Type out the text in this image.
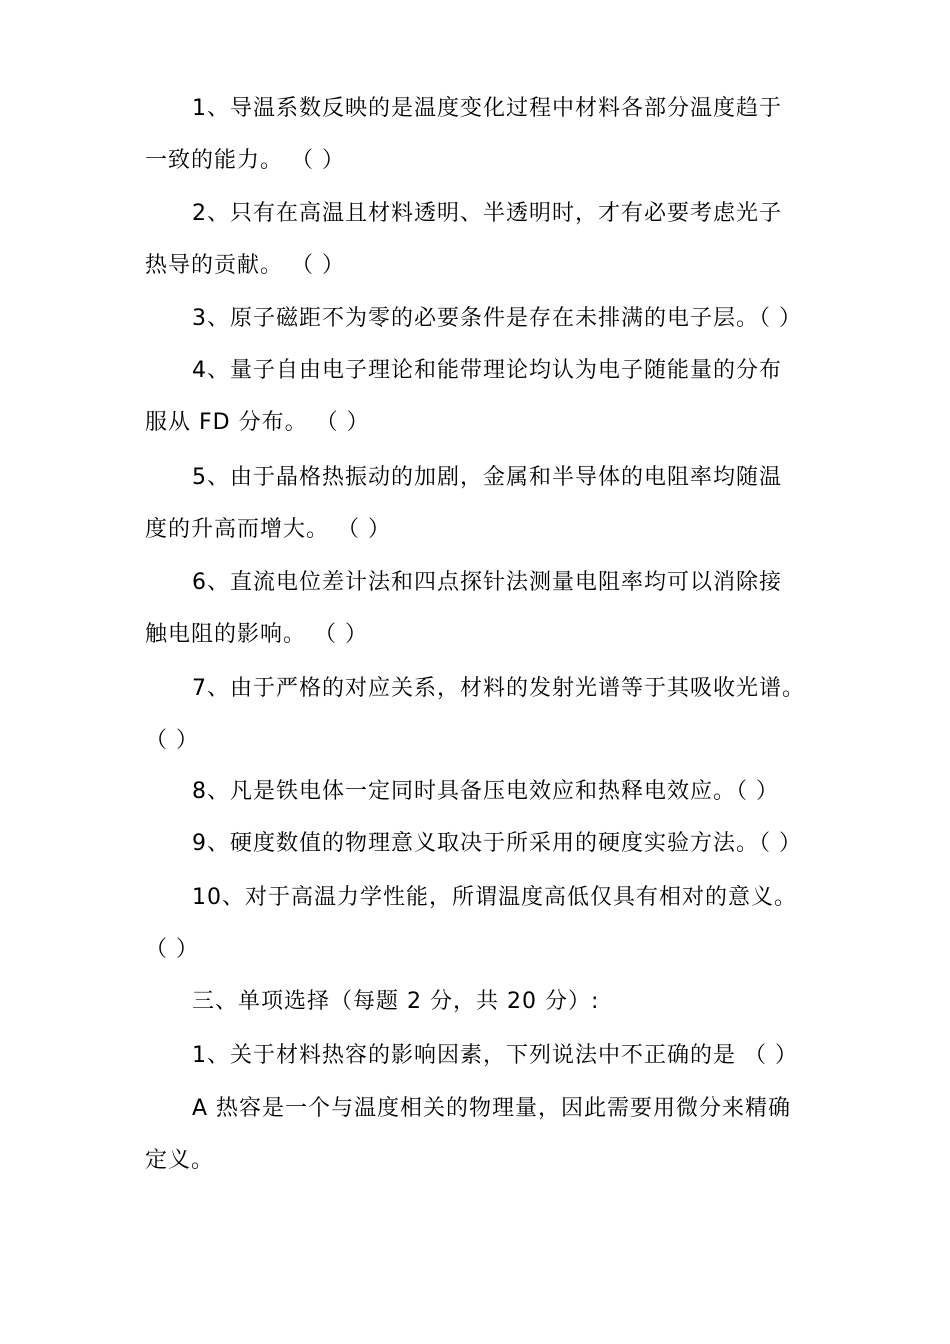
1、导温系数反映的是温度变化过程中材料各部分温度趋于
一致的能力。 （ ）
2、只有在高温且材料透明、半透明时，才有必要考虑光子
热导的贡献。 （ ）
3、原子磁距不为零的必要条件是存在未排满的电子层。（ ）
4、量子自由电子理论和能带理论均认为电子随能量的分布
服从 FD 分布。 （ ）
5、由于晶格热振动的加剧，金属和半导体的电阻率均随温
度的升高而增大。 （ ）
6、直流电位差计法和四点探针法测量电阻率均可以消除接
触电阻的影响。 （ ）
7、由于严格的对应关系，材料的发射光谱等于其吸收光谱。
（ ）
8、凡是铁电体一定同时具备压电效应和热释电效应。（ ）
9、硬度数值的物理意义取决于所采用的硬度实验方法。（ ）
10、对于高温力学性能，所谓温度高低仅具有相对的意义。
（ ）
三、单项选择（每题 2 分，共 20 分）:
1、关于材料热容的影响因素，下列说法中不正确的是 （ ）
A 热容是一个与温度相关的物理量，因此需要用微分来精确
定义。
